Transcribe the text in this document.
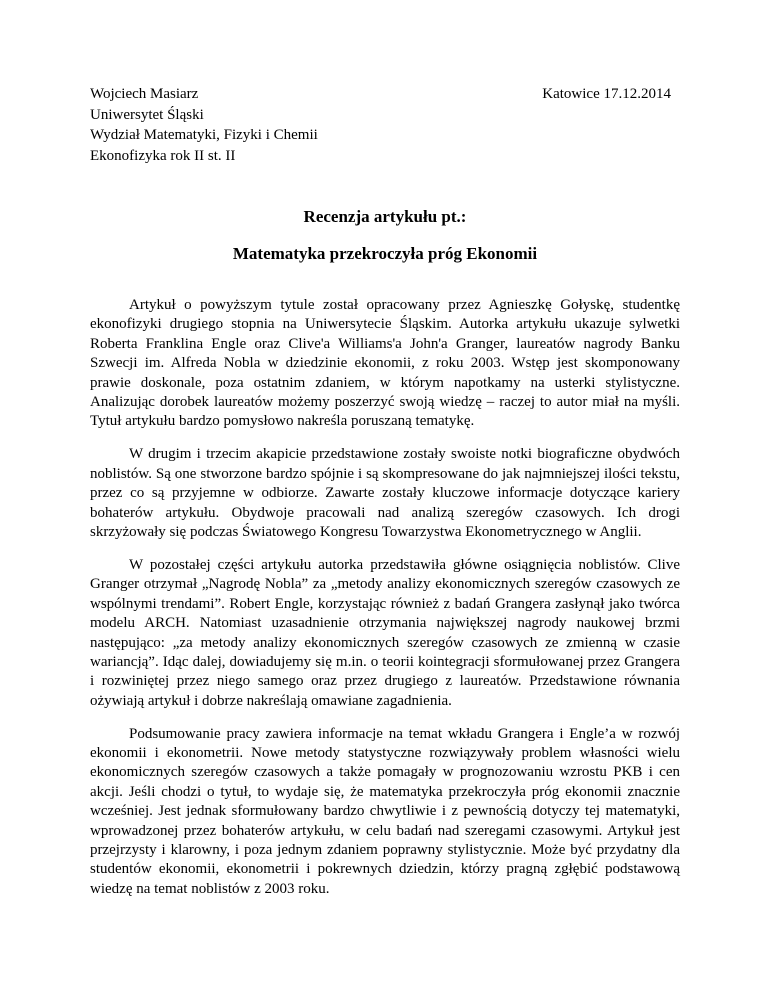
Wojciech Masiarz
Uniwersytet Śląski
Wydział Matematyki, Fizyki i Chemii
Ekonofizyka rok II st. II
Katowice 17.12.2014
Recenzja artykułu pt.:
Matematyka przekroczyła próg Ekonomii

Artykuł o powyższym tytule został opracowany przez Agnieszkę Gołyskę, studentkę ekonofizyki drugiego stopnia na Uniwersytecie Śląskim. Autorka artykułu ukazuje sylwetki Roberta Franklina Engle oraz Clive'a Williams'a John'a Granger, laureatów nagrody Banku Szwecji im. Alfreda Nobla w dziedzinie ekonomii, z roku 2003. Wstęp jest skomponowany prawie doskonale, poza ostatnim zdaniem, w którym napotkamy na usterki stylistyczne. Analizując dorobek laureatów możemy poszerzyć swoją wiedzę – raczej to autor miał na myśli. Tytuł artykułu bardzo pomysłowo nakreśla poruszaną tematykę.

W drugim i trzecim akapicie przedstawione zostały swoiste notki biograficzne obydwóch noblistów. Są one stworzone bardzo spójnie i są skompresowane do jak najmniejszej ilości tekstu, przez co są przyjemne w odbiorze. Zawarte zostały kluczowe informacje dotyczące kariery bohaterów artykułu. Obydwoje pracowali nad analizą szeregów czasowych. Ich drogi skrzyżowały się podczas Światowego Kongresu Towarzystwa Ekonometrycznego w Anglii.

W pozostałej części artykułu autorka przedstawiła główne osiągnięcia noblistów. Clive Granger otrzymał „Nagrodę Nobla” za „metody analizy ekonomicznych szeregów czasowych ze wspólnymi trendami”. Robert Engle, korzystając również z badań Grangera zasłynął jako twórca modelu ARCH. Natomiast uzasadnienie otrzymania największej nagrody naukowej brzmi następująco: „za metody analizy ekonomicznych szeregów czasowych ze zmienną w czasie wariancją”. Idąc dalej, dowiadujemy się m.in. o teorii kointegracji sformułowanej przez Grangera i rozwiniętej przez niego samego oraz przez drugiego z laureatów. Przedstawione równania ożywiają artykuł i dobrze nakreślają omawiane zagadnienia.

Podsumowanie pracy zawiera informacje na temat wkładu Grangera i Engle’a w rozwój ekonomii i ekonometrii. Nowe metody statystyczne rozwiązywały problem własności wielu ekonomicznych szeregów czasowych a także pomagały w prognozowaniu wzrostu PKB i cen akcji. Jeśli chodzi o tytuł, to wydaje się, że matematyka przekroczyła próg ekonomii znacznie wcześniej. Jest jednak sformułowany bardzo chwytliwie i z pewnością dotyczy tej matematyki, wprowadzonej przez bohaterów artykułu, w celu badań nad szeregami czasowymi. Artykuł jest przejrzysty i klarowny, i poza jednym zdaniem poprawny stylistycznie. Może być przydatny dla studentów ekonomii, ekonometrii i pokrewnych dziedzin, którzy pragną zgłębić podstawową wiedzę na temat noblistów z 2003 roku.
